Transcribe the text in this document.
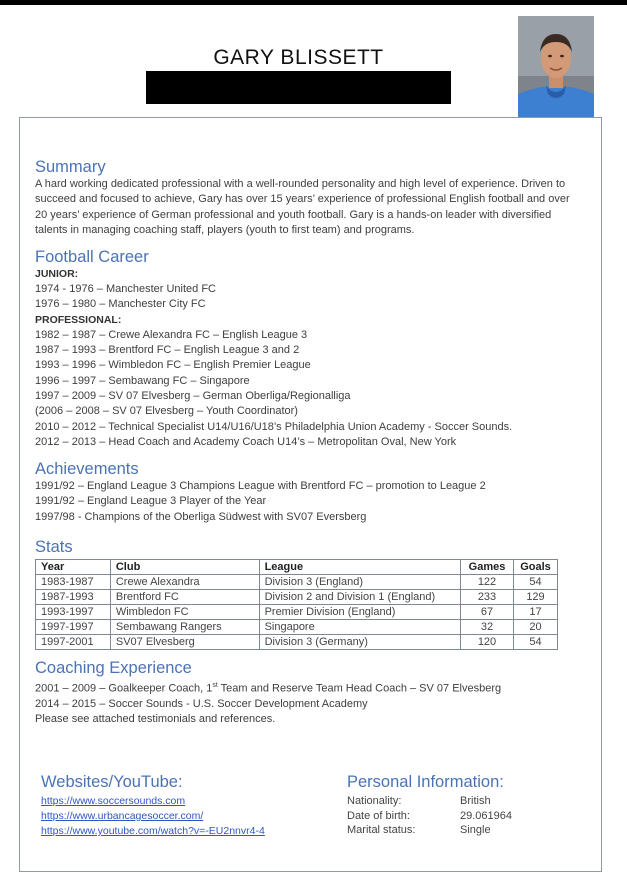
GARY BLISSETT
Summary

A hard working dedicated professional with a well-rounded personality and high level of experience. Driven to succeed and focused to achieve, Gary has over 15 years’ experience of professional English football and over 20 years’ experience of German professional and youth football. Gary is a hands-on leader with diversified talents in managing coaching staff, players (youth to first team) and programs.

Football Career
JUNIOR:
1974 - 1976 – Manchester United FC
1976 – 1980 – Manchester City FC
PROFESSIONAL:
1982 – 1987 – Crewe Alexandra FC – English League 3
1987 – 1993 – Brentford FC – English League 3 and 2
1993 – 1996 – Wimbledon FC – English Premier League
1996 – 1997 – Sembawang FC – Singapore
1997 – 2009 – SV 07 Elvesberg – German Oberliga/Regionalliga
(2006 – 2008 – SV 07 Elvesberg – Youth Coordinator)
2010 – 2012 – Technical Specialist U14/U16/U18’s Philadelphia Union Academy - Soccer Sounds.
2012 – 2013 – Head Coach and Academy Coach U14’s – Metropolitan Oval, New York
Achievements
1991/92 – England League 3 Champions League with Brentford FC – promotion to League 2
1991/92 – England League 3 Player of the Year
1997/98 - Champions of the Oberliga Südwest with SV07 Eversberg
Stats
Year	Club	League	Games	Goals
1983-1987	Crewe Alexandra	Division 3 (England)	122	54
1987-1993	Brentford FC	Division 2 and Division 1 (England)	233	129
1993-1997	Wimbledon FC	Premier Division (England)	67	17
1997-1997	Sembawang Rangers	Singapore	32	20
1997-2001	SV07 Elvesberg	Division 3 (Germany)	120	54
Coaching Experience
2001 – 2009 – Goalkeeper Coach, 1st Team and Reserve Team Head Coach – SV 07 Elvesberg
2014 – 2015 – Soccer Sounds - U.S. Soccer Development Academy
Please see attached testimonials and references.
Websites/YouTube:
https://www.soccersounds.com
https://www.urbancagesoccer.com/
https://www.youtube.com/watch?v=-EU2nnvr4-4
Personal Information:
Nationality:	British
Date of birth:	29.061964
Marital status:	Single
